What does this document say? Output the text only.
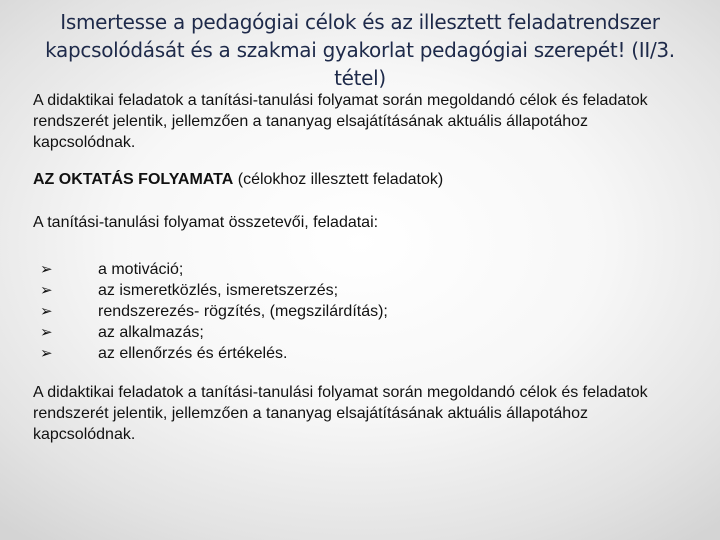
Ismertesse a pedagógiai célok és az illesztett feladatrendszer
kapcsolódását és a szakmai gyakorlat pedagógiai szerepét! (II/3.
tétel)

A didaktikai feladatok a tanítási-tanulási folyamat során megoldandó célok és feladatok rendszerét jelentik, jellemzően a tananyag elsajátításának aktuális állapotához kapcsolódnak.

AZ OKTATÁS FOLYAMATA (célokhoz illesztett feladatok)

A tanítási-tanulási folyamat összetevői, feladatai:

➢	a motiváció;
➢	az ismeretközlés, ismeretszerzés;
➢	rendszerezés- rögzítés, (megszilárdítás);
➢	az alkalmazás;
➢	az ellenőrzés és értékelés.

A didaktikai feladatok a tanítási-tanulási folyamat során megoldandó célok és feladatok rendszerét jelentik, jellemzően a tananyag elsajátításának aktuális állapotához kapcsolódnak.
